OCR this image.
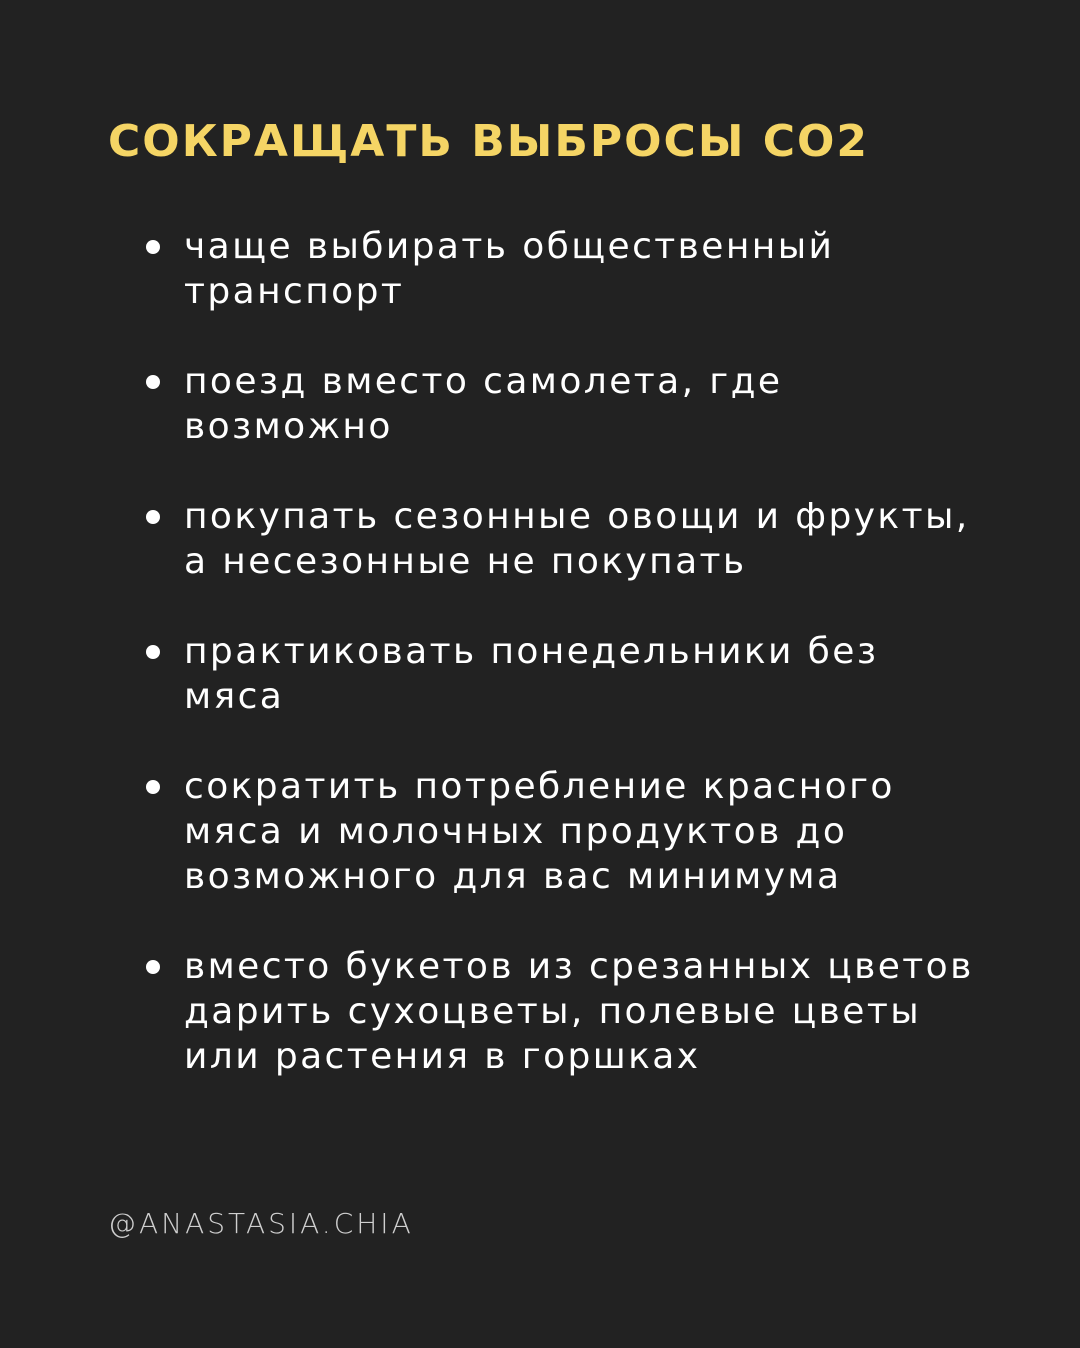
СОКРАЩАТЬ ВЫБРОСЫ СО2
чаще выбирать общественный транспорт
поезд вместо самолета, где возможно
покупать сезонные овощи и фрукты, а несезонные не покупать
практиковать понедельники без мяса
сократить потребление красного мяса и молочных продуктов до возможного для вас минимума
вместо букетов из срезанных цветов дарить сухоцветы, полевые цветы или растения в горшках
@ANASTASIA.CHIA
